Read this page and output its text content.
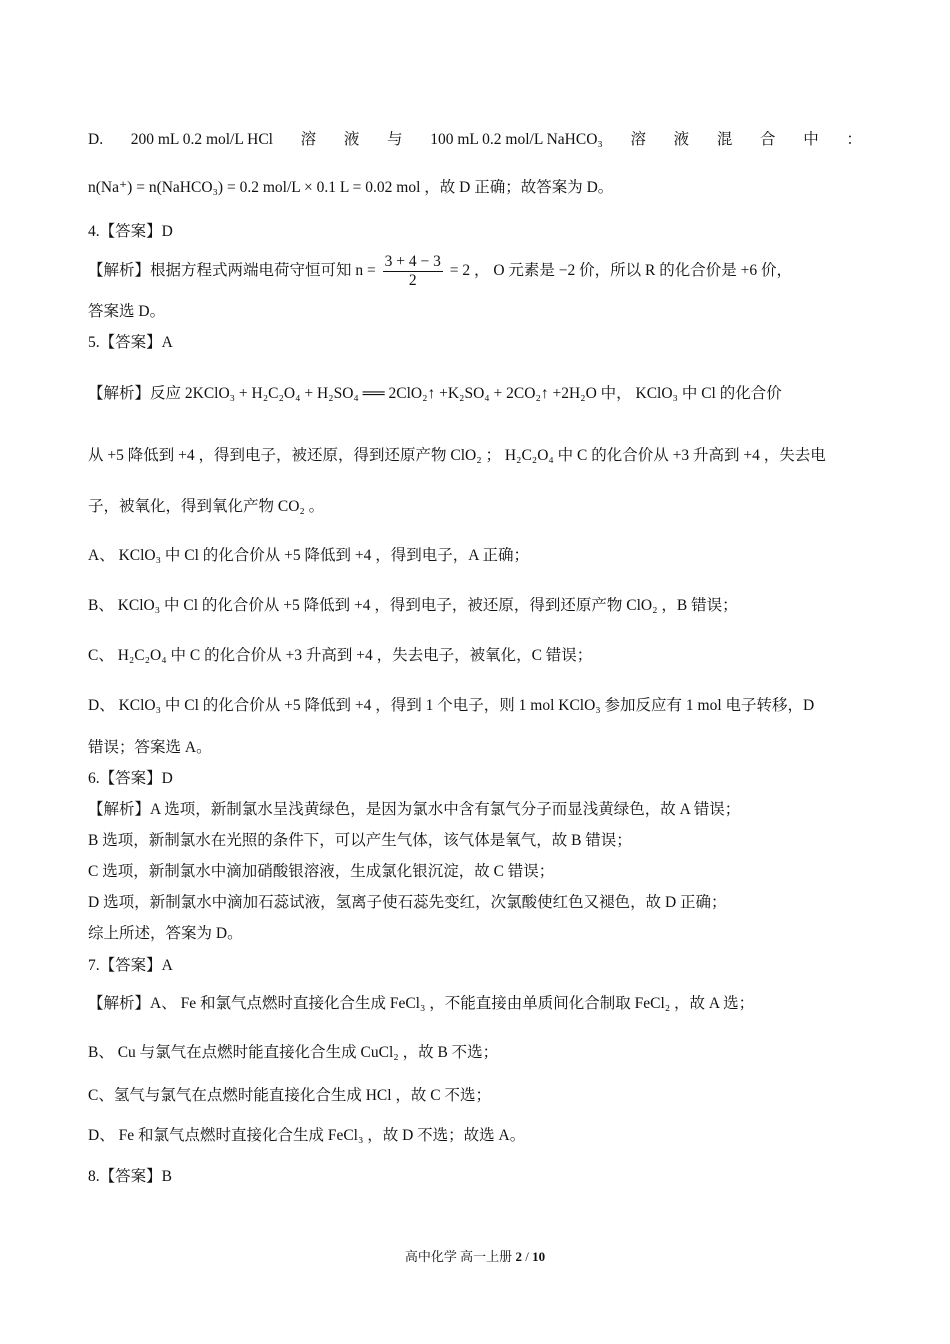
D. 200 mL 0.2 mol/L HCl 溶 液 与 100 mL 0.2 mol/L NaHCO₃ 溶 液 混 合 中 ：
n(Na⁺) = n(NaHCO₃) = 0.2 mol/L × 0.1 L = 0.02 mol ，故 D 正确；故答案为 D。
4.【答案】D
【解析】根据方程式两端电荷守恒可知 $n = \frac{3 + 4 - 3}{2} = 2$ ， O 元素是 −2 价，所以 R 的化合价是 +6 价，
答案选 D。
5.【答案】A
【解析】反应 2KClO₃ + H₂C₂O₄ + H₂SO₄ ══ 2ClO₂↑ +K₂SO₄ + 2CO₂↑ +2H₂O 中， KClO₃ 中 Cl 的化合价
从 +5 降低到 +4 ，得到电子，被还原，得到还原产物 ClO₂ ； H₂C₂O₄ 中 C 的化合价从 +3 升高到 +4 ，失去电
子，被氧化，得到氧化产物 CO₂ 。
A、 KClO₃ 中 Cl 的化合价从 +5 降低到 +4 ，得到电子，A 正确；
B、 KClO₃ 中 Cl 的化合价从 +5 降低到 +4 ，得到电子，被还原，得到还原产物 ClO₂ ，B 错误；
C、 H₂C₂O₄ 中 C 的化合价从 +3 升高到 +4 ，失去电子，被氧化，C 错误；
D、 KClO₃ 中 Cl 的化合价从 +5 降低到 +4 ，得到 1 个电子，则 1 mol KClO₃ 参加反应有 1 mol 电子转移，D
错误；答案选 A。
6.【答案】D
【解析】A 选项，新制氯水呈浅黄绿色，是因为氯水中含有氯气分子而显浅黄绿色，故 A 错误；
B 选项，新制氯水在光照的条件下，可以产生气体，该气体是氧气，故 B 错误；
C 选项，新制氯水中滴加硝酸银溶液，生成氯化银沉淀，故 C 错误；
D 选项，新制氯水中滴加石蕊试液，氢离子使石蕊先变红，次氯酸使红色又褪色，故 D 正确；
综上所述，答案为 D。
7.【答案】A
【解析】A、 Fe 和氯气点燃时直接化合生成 FeCl₃ ，不能直接由单质间化合制取 FeCl₂ ，故 A 选；
B、 Cu 与氯气在点燃时能直接化合生成 CuCl₂ ，故 B 不选；
C、氢气与氯气在点燃时能直接化合生成 HCl ，故 C 不选；
D、 Fe 和氯气点燃时直接化合生成 FeCl₃ ，故 D 不选；故选 A。
8.【答案】B
高中化学 高一上册 2 / 10
